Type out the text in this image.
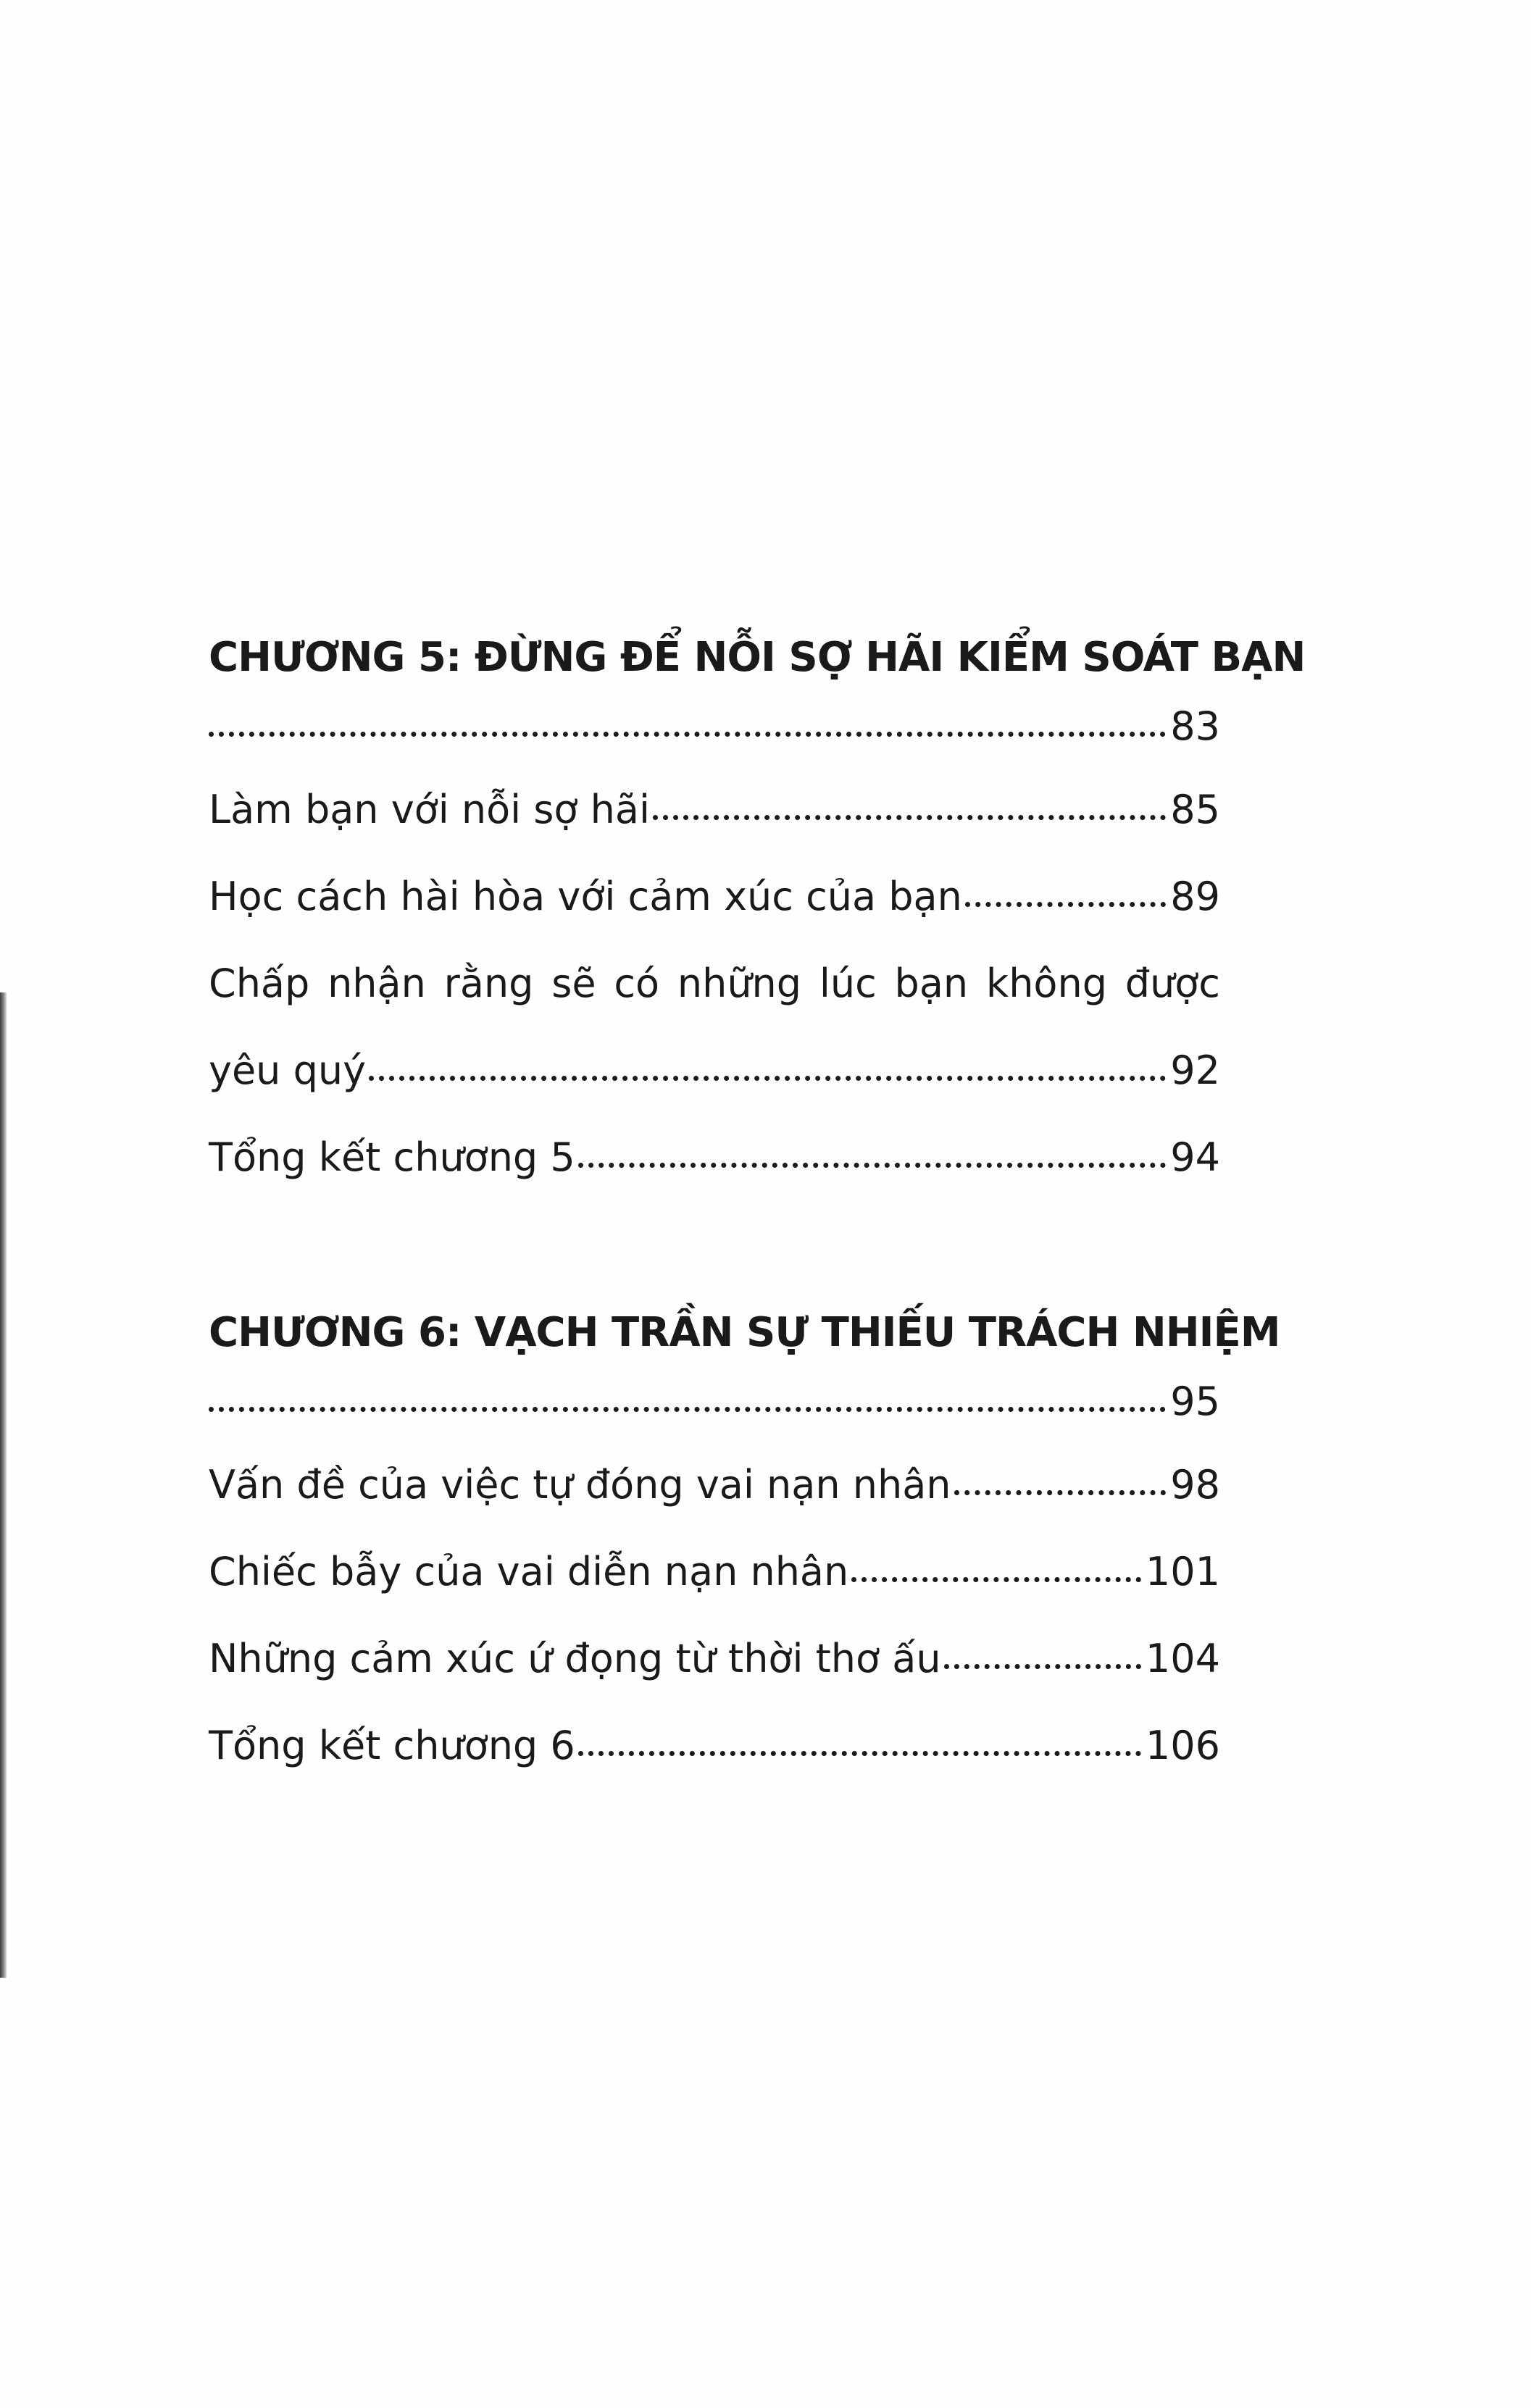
CHƯƠNG 5: ĐỪNG ĐỂ NỖI SỢ HÃI KIỂM SOÁT BẠN
83
Làm bạn với nỗi sợ hãi	85
Học cách hài hòa với cảm xúc của bạn	89
Chấp nhận rằng sẽ có những lúc bạn không được
yêu quý	92
Tổng kết chương 5	94
CHƯƠNG 6: VẠCH TRẦN SỰ THIẾU TRÁCH NHIỆM
95
Vấn đề của việc tự đóng vai nạn nhân	98
Chiếc bẫy của vai diễn nạn nhân	101
Những cảm xúc ứ đọng từ thời thơ ấu	104
Tổng kết chương 6	106
